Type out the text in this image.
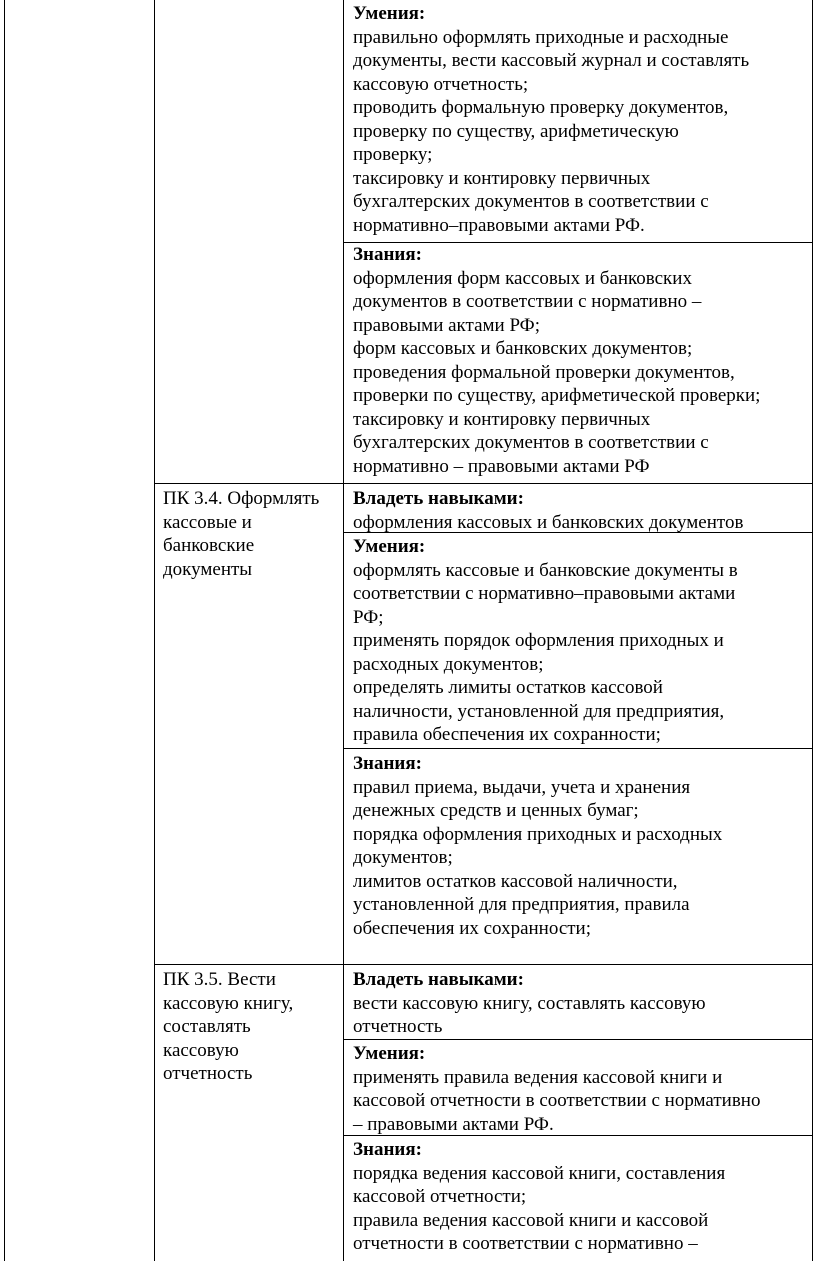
Умения:
правильно оформлять приходные и расходные
документы, вести кассовый журнал и составлять
кассовую отчетность;
проводить формальную проверку документов,
проверку по существу, арифметическую
проверку;
таксировку и контировку первичных
бухгалтерских документов в соответствии с
нормативно–правовыми актами РФ.
Знания:
оформления форм кассовых и банковских
документов в соответствии с нормативно –
правовыми актами РФ;
форм кассовых и банковских документов;
проведения формальной проверки документов,
проверки по существу, арифметической проверки;
таксировку и контировку первичных
бухгалтерских документов в соответствии с
нормативно – правовыми актами РФ
ПК 3.4. Оформлять
кассовые и
банковские
документы
Владеть навыками:
оформления кассовых и банковских документов
Умения:
оформлять кассовые и банковские документы в
соответствии с нормативно–правовыми актами
РФ;
применять порядок оформления приходных и
расходных документов;
определять лимиты остатков кассовой
наличности, установленной для предприятия,
правила обеспечения их сохранности;
Знания:
правил приема, выдачи, учета и хранения
денежных средств и ценных бумаг;
порядка оформления приходных и расходных
документов;
лимитов остатков кассовой наличности,
установленной для предприятия, правила
обеспечения их сохранности;
ПК 3.5. Вести
кассовую книгу,
составлять
кассовую
отчетность
Владеть навыками:
вести кассовую книгу, составлять кассовую
отчетность
Умения:
применять правила ведения кассовой книги и
кассовой отчетности в соответствии с нормативно
– правовыми актами РФ.
Знания:
порядка ведения кассовой книги, составления
кассовой отчетности;
правила ведения кассовой книги и кассовой
отчетности в соответствии с нормативно –
